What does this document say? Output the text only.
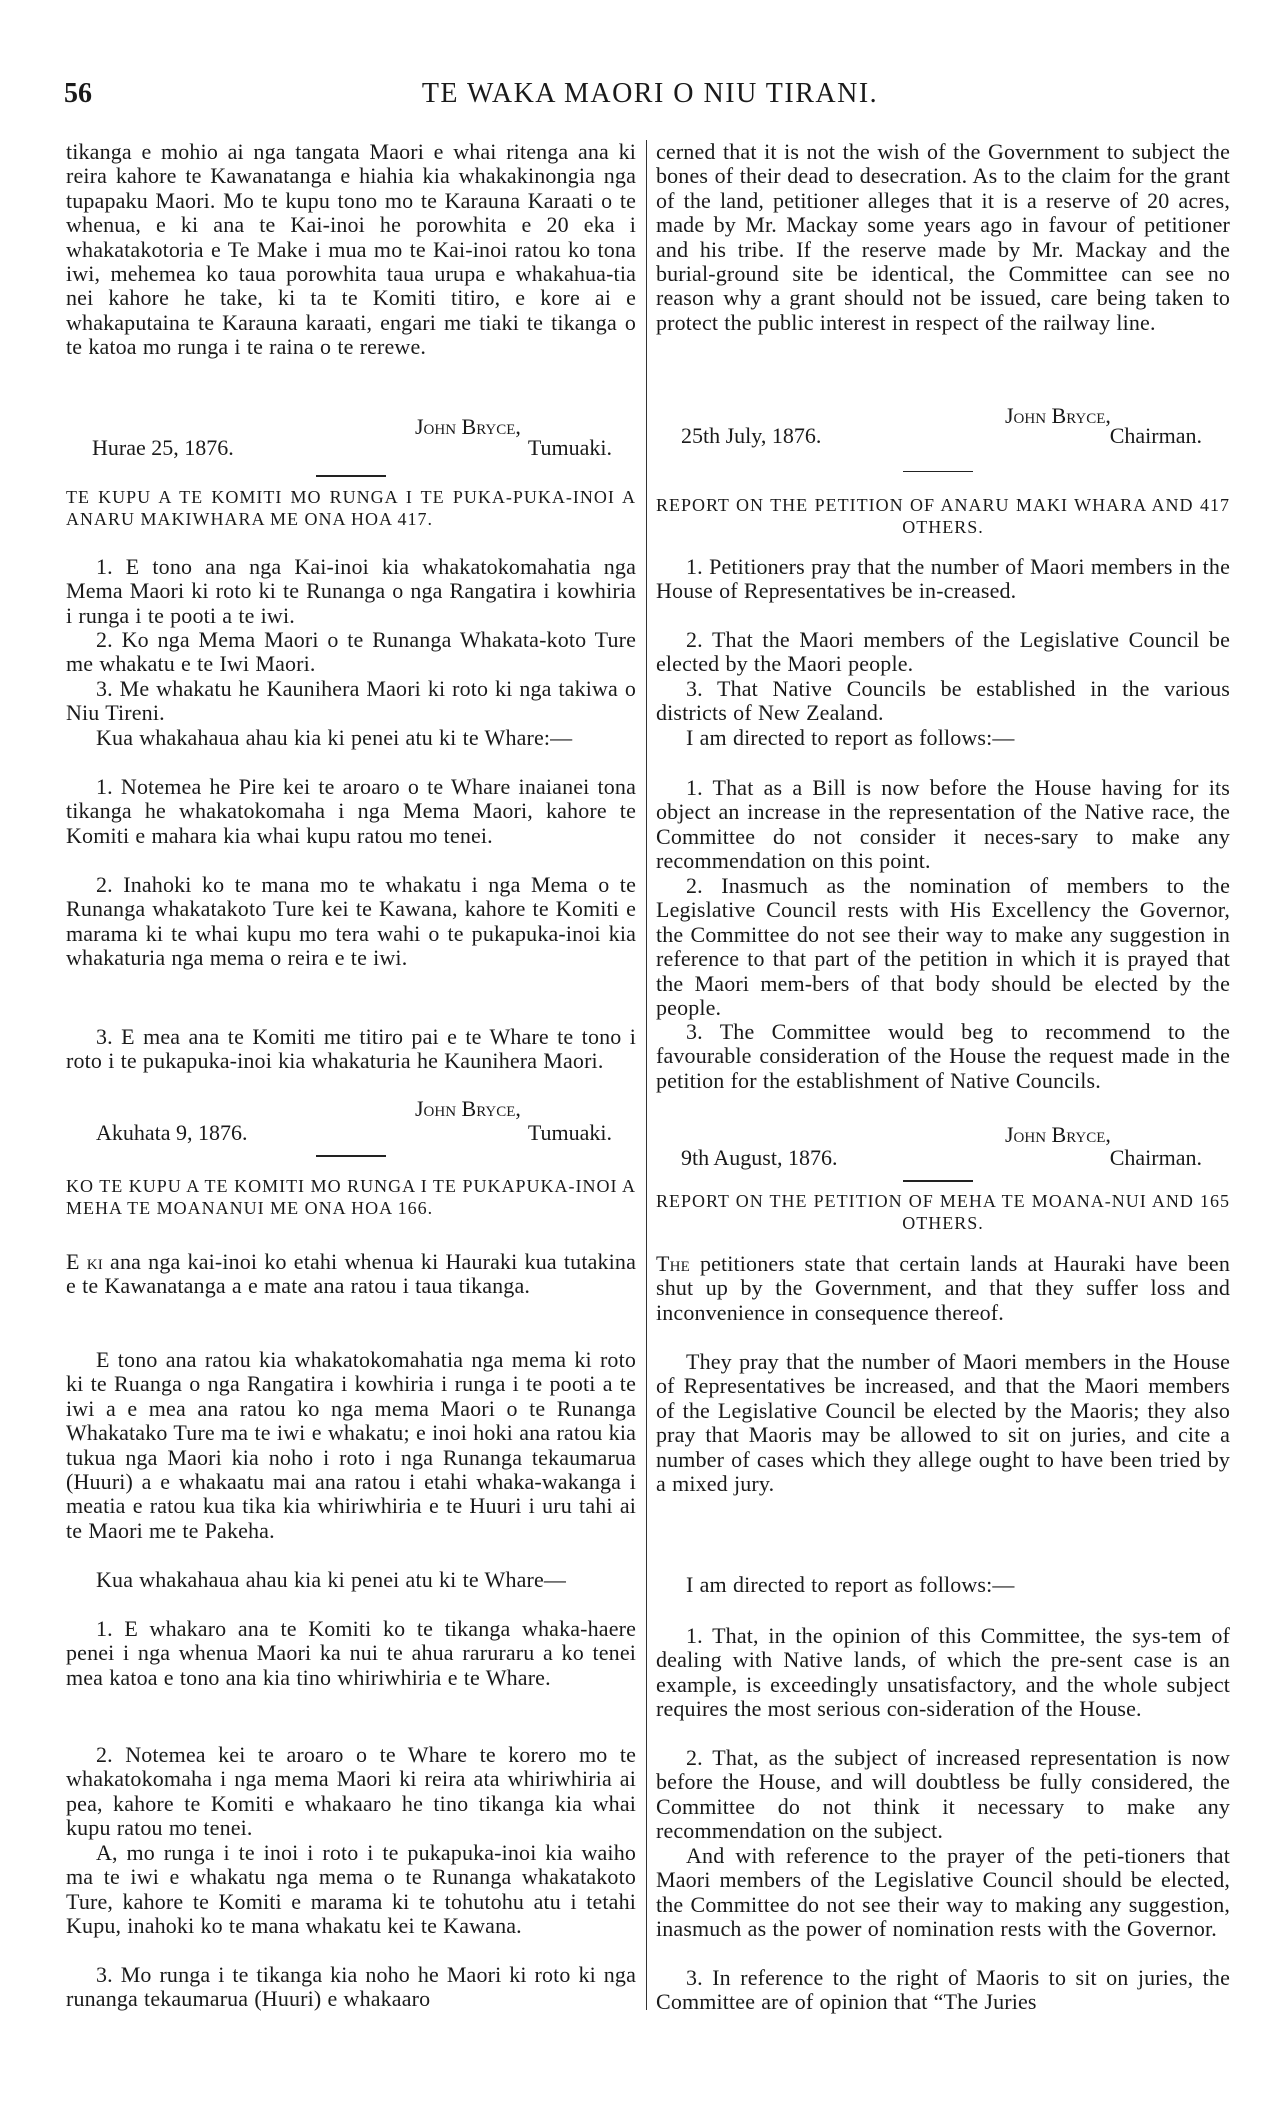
56	TE WAKA MAORI O NIU TIRANI.

tikanga e mohio ai nga tangata Maori e whai ritenga ana ki reira kahore te Kawanatanga e hiahia kia whakakinongia nga tupapaku Maori. Mo te kupu tono mo te Karauna Karaati o te whenua, e ki ana te Kai-inoi he porowhita e 20 eka i whakatakotoria e Te Make i mua mo te Kai-inoi ratou ko tona iwi, mehemea ko taua porowhita taua urupa e whakahua-tia nei kahore he take, ki ta te Komiti titiro, e kore ai e whakaputaina te Karauna karaati, engari me tiaki te tikanga o te katoa mo runga i te raina o te rerewe.

John Bryce,
Hurae 25, 1876.	Tumuaki.

TE KUPU A TE KOMITI MO RUNGA I TE PUKA-PUKA-INOI A ANARU MAKIWHARA ME ONA HOA 417.

1. E tono ana nga Kai-inoi kia whakatokomahatia nga Mema Maori ki roto ki te Runanga o nga Rangatira i kowhiria i runga i te pooti a te iwi.

2. Ko nga Mema Maori o te Runanga Whakata-koto Ture me whakatu e te Iwi Maori.

3. Me whakatu he Kaunihera Maori ki roto ki nga takiwa o Niu Tireni.

Kua whakahaua ahau kia ki penei atu ki te Whare:—

1. Notemea he Pire kei te aroaro o te Whare inaianei tona tikanga he whakatokomaha i nga Mema Maori, kahore te Komiti e mahara kia whai kupu ratou mo tenei.

2. Inahoki ko te mana mo te whakatu i nga Mema o te Runanga whakatakoto Ture kei te Kawana, kahore te Komiti e marama ki te whai kupu mo tera wahi o te pukapuka-inoi kia whakaturia nga mema o reira e te iwi.

3. E mea ana te Komiti me titiro pai e te Whare te tono i roto i te pukapuka-inoi kia whakaturia he Kaunihera Maori.

John Bryce,
Akuhata 9, 1876.	Tumuaki.

KO TE KUPU A TE KOMITI MO RUNGA I TE PUKAPUKA-INOI A MEHA TE MOANANUI ME ONA HOA 166.

E ki ana nga kai-inoi ko etahi whenua ki Hauraki kua tutakina e te Kawanatanga a e mate ana ratou i taua tikanga.

E tono ana ratou kia whakatokomahatia nga mema ki roto ki te Ruanga o nga Rangatira i kowhiria i runga i te pooti a te iwi a e mea ana ratou ko nga mema Maori o te Runanga Whakatako Ture ma te iwi e whakatu; e inoi hoki ana ratou kia tukua nga Maori kia noho i roto i nga Runanga tekaumarua (Huuri) a e whakaatu mai ana ratou i etahi whaka-wakanga i meatia e ratou kua tika kia whiriwhiria e te Huuri i uru tahi ai te Maori me te Pakeha.

Kua whakahaua ahau kia ki penei atu ki te Whare—

1. E whakaro ana te Komiti ko te tikanga whaka-haere penei i nga whenua Maori ka nui te ahua raruraru a ko tenei mea katoa e tono ana kia tino whiriwhiria e te Whare.

2. Notemea kei te aroaro o te Whare te korero mo te whakatokomaha i nga mema Maori ki reira ata whiriwhiria ai pea, kahore te Komiti e whakaaro he tino tikanga kia whai kupu ratou mo tenei.

A, mo runga i te inoi i roto i te pukapuka-inoi kia waiho ma te iwi e whakatu nga mema o te Runanga whakatakoto Ture, kahore te Komiti e marama ki te tohutohu atu i tetahi Kupu, inahoki ko te mana whakatu kei te Kawana.

3. Mo runga i te tikanga kia noho he Maori ki roto ki nga runanga tekaumarua (Huuri) e whakaaro

cerned that it is not the wish of the Government to subject the bones of their dead to desecration. As to the claim for the grant of the land, petitioner alleges that it is a reserve of 20 acres, made by Mr. Mackay some years ago in favour of petitioner and his tribe. If the reserve made by Mr. Mackay and the burial-ground site be identical, the Committee can see no reason why a grant should not be issued, care being taken to protect the public interest in respect of the railway line.

John Bryce,
25th July, 1876.	Chairman.

REPORT ON THE PETITION OF ANARU MAKI WHARA AND 417 OTHERS.

1. Petitioners pray that the number of Maori members in the House of Representatives be in-creased.

2. That the Maori members of the Legislative Council be elected by the Maori people.

3. That Native Councils be established in the various districts of New Zealand.

I am directed to report as follows:—

1. That as a Bill is now before the House having for its object an increase in the representation of the Native race, the Committee do not consider it neces-sary to make any recommendation on this point.

2. Inasmuch as the nomination of members to the Legislative Council rests with His Excellency the Governor, the Committee do not see their way to make any suggestion in reference to that part of the petition in which it is prayed that the Maori mem-bers of that body should be elected by the people.

3. The Committee would beg to recommend to the favourable consideration of the House the request made in the petition for the establishment of Native Councils.

John Bryce,
9th August, 1876.	Chairman.

REPORT ON THE PETITION OF MEHA TE MOANA-NUI AND 165 OTHERS.

The petitioners state that certain lands at Hauraki have been shut up by the Government, and that they suffer loss and inconvenience in consequence thereof.

They pray that the number of Maori members in the House of Representatives be increased, and that the Maori members of the Legislative Council be elected by the Maoris; they also pray that Maoris may be allowed to sit on juries, and cite a number of cases which they allege ought to have been tried by a mixed jury.

I am directed to report as follows:—

1. That, in the opinion of this Committee, the sys-tem of dealing with Native lands, of which the pre-sent case is an example, is exceedingly unsatisfactory, and the whole subject requires the most serious con-sideration of the House.

2. That, as the subject of increased representation is now before the House, and will doubtless be fully considered, the Committee do not think it necessary to make any recommendation on the subject.

And with reference to the prayer of the peti-tioners that Maori members of the Legislative Council should be elected, the Committee do not see their way to making any suggestion, inasmuch as the power of nomination rests with the Governor.

3. In reference to the right of Maoris to sit on juries, the Committee are of opinion that “The Juries
